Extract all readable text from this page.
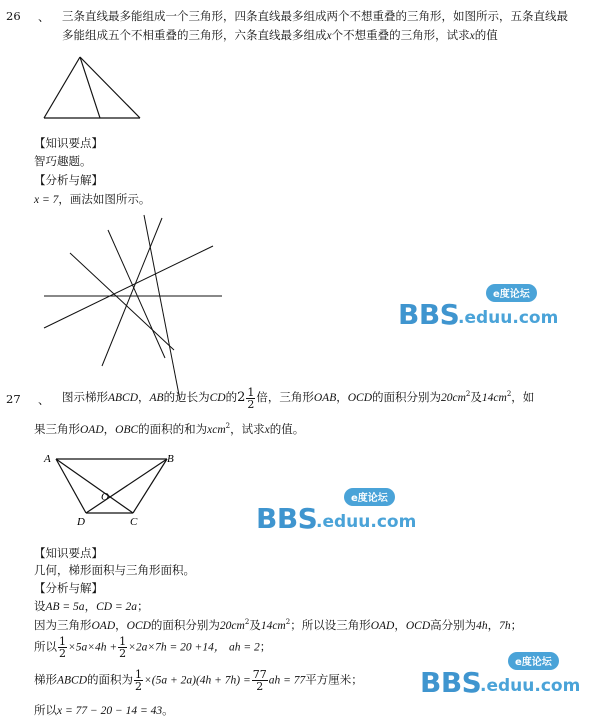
26 、 三条直线最多能组成一个三角形，四条直线最多组成两个不想重叠的三角形，如图所示，五条直线最
多能组成五个不相重叠的三角形，六条直线最多组成x个不想重叠的三角形，试求x的值
【知识要点】
智巧趣题。
【分析与解】
x = 7，画法如图所示。
27 、 图示梯形ABCD，AB的边长为CD的$2 \frac{1}{2}$ 倍，三角形OAB，OCD的面积分别为$20cm^2$及$14cm^2$，如
果三角形OAD，OBC的面积的和为xcm$^2$，试求x的值。
A	B
O
D	C
【知识要点】
几何，梯形面积与三角形面积。
【分析与解】
设AB = 5a，CD = 2a；
因为三角形OAD，OCD的面积分别为$20cm^2$及$14cm^2$；所以设三角形OAD，OCD高分别为4h，7h；
所以 $\frac{1}{2} \times 5a\times 4h + \frac{1}{2} \times 2a\times 7h = 20 +14$， ah = 2；
梯形ABCD的面积为 $\frac{1}{2} \times(5a + 2a)(4h + 7h) = \frac{77}{2}$ ah = 77平方厘米；
所以x = 77 − 20 − 14 = 43。
e度论坛
BBS
.eduu.com
e度论坛
BBS
.eduu.com
e度论坛
BBS
.eduu.com
